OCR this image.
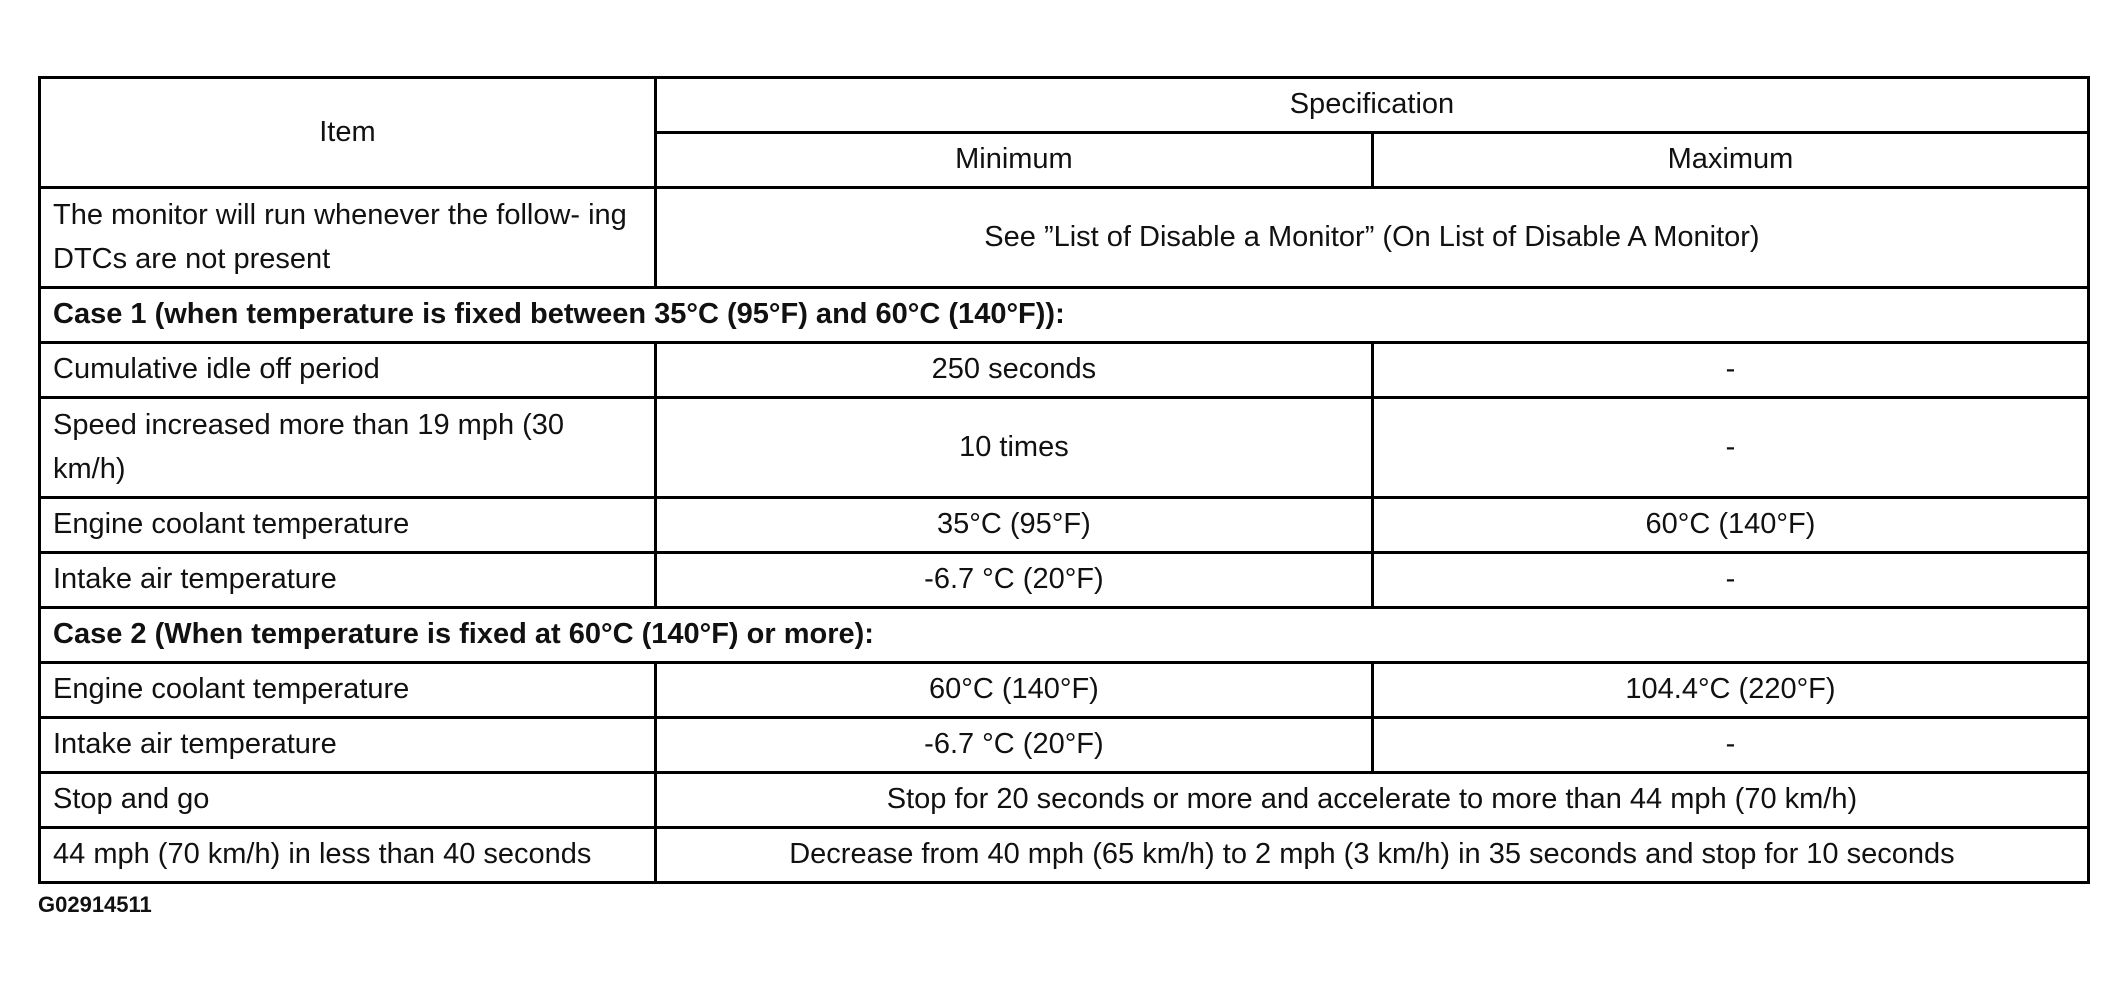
Item	Specification	
	Minimum	Maximum
The monitor will run whenever the follow- ing DTCs are not present	See ”List of Disable a Monitor” (On List of Disable A Monitor)	
Case 1 (when temperature is fixed between 35°C (95°F) and 60°C (140°F)):		
Cumulative idle off period	250 seconds	-
Speed increased more than 19 mph (30 km/h)	10 times	-
Engine coolant temperature	35°C (95°F)	60°C (140°F)
Intake air temperature	-6.7 °C (20°F)	-
Case 2 (When temperature is fixed at 60°C (140°F) or more):		
Engine coolant temperature	60°C (140°F)	104.4°C (220°F)
Intake air temperature	-6.7 °C (20°F)	-
Stop and go	Stop for 20 seconds or more and accelerate to more than 44 mph (70 km/h)	
44 mph (70 km/h) in less than 40 seconds	Decrease from 40 mph (65 km/h) to 2 mph (3 km/h) in 35 seconds and stop for 10 seconds	
G02914511
